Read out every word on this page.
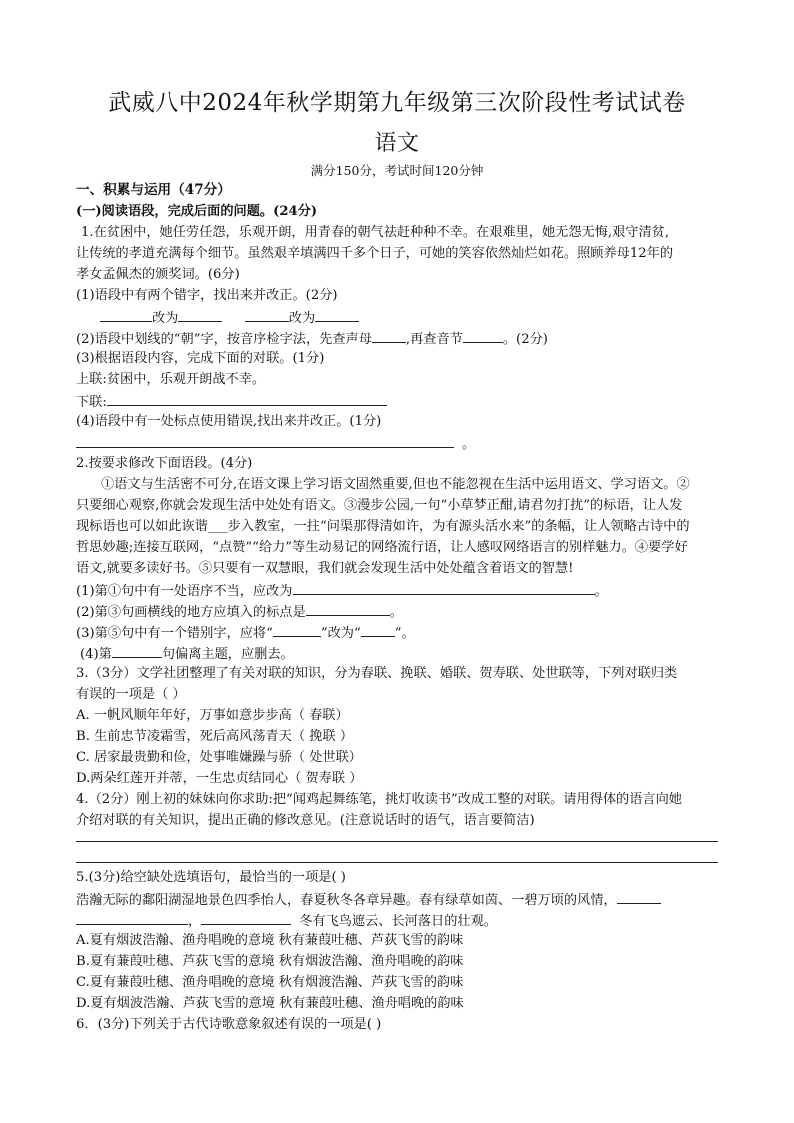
武威八中2024年秋学期第九年级第三次阶段性考试试卷
语文
满分150分，考试时间120分钟
一、积累与运用（47分）
(一)阅读语段，完成后面的问题。(24分)
1.在贫困中，她任劳任怨，乐观开朗，用青春的朝气祛赶种种不幸。在艰难里，她无怨无悔,艰守清贫,
让传统的孝道充满每个细节。虽然艰辛填满四千多个日子，可她的笑容依然灿烂如花。照顾养母12年的
孝女孟佩杰的颁奖词。(6分)
(1)语段中有两个错字，找出来并改正。(2分)
改为	改为
(2)语段中划线的“朝”字，按音序检字法，先查声母	,再查音节	。(2分)
(3)根据语段内容，完成下面的对联。(1分)
上联:贫困中，乐观开朗战不幸。
下联:
(4)语段中有一处标点使用错误,找出来并改正。(1分)
。
2.按要求修改下面语段。(4分)
①语文与生活密不可分,在语文课上学习语文固然重要,但也不能忽视在生活中运用语文、学习语文。②
只要细心观察,你就会发现生活中处处有语文。③漫步公园,一句“小草梦正酣,请君勿打扰”的标语，让人发
现标语也可以如此诙谐___步入教室，一拄“问渠那得清如许，为有源头活水来”的条幅，让人领略古诗中的
哲思妙趣;连接互联网，“点赞”“给力”等生动易记的网络流行语，让人感叹网络语言的别样魅力。④要学好
语文,就要多读好书。⑤只要有一双慧眼，我们就会发现生活中处处蕴含着语文的智慧!
(1)第①句中有一处语序不当，应改为	。
(2)第③句画横线的地方应填入的标点是	。
(3)第⑤句中有一个错别字，应将“	”改为“	”。
(4)第	句偏离主题，应删去。
3.（3分）文学社团整理了有关对联的知识，分为春联、挽联、婚联、贺寿联、处世联等，下列对联归类
有误的一项是（ ）
A. 一帆风顺年年好，万事如意步步高（ 春联）
B. 生前忠节凌霜雪，死后高风荡青天（ 挽联 ）
C. 居家最贵勤和俭，处事唯嫌躁与骄（ 处世联）
D.两朵红莲开并蒂，一生忠贞结同心（ 贺寿联 ）
4.（2分）刚上初的妹妹向你求助:把“闻鸡起舞练笔，挑灯收读书”改成工整的对联。请用得体的语言向她
介绍对联的有关知识，提出正确的修改意见。(注意说话时的语气，语言要简洁)
5.(3分)给空缺处选填语句，最恰当的一项是( )
浩瀚无际的鄱阳湖湿地景色四季怡人，春夏秋冬各章异趣。春有绿草如茵、一碧万顷的风情，
，	冬有飞鸟遮云、长河落日的壮观。
A.夏有烟波浩瀚、渔舟唱晚的意境 秋有蒹葭吐穗、芦荻飞雪的韵味
B.夏有蒹葭吐穗、芦荻飞雪的意境 秋有烟波浩瀚、渔舟唱晚的韵味
C.夏有蒹葭吐穗、渔舟唱晚的意境 秋有烟渡浩瀚、芦荻飞雪的韵味
D.夏有烟波浩瀚、芦荻飞雪的意境 秋有蒹葭吐穗、渔舟唱晚的韵味
6．(3分)下列关于古代诗歌意象叙述有误的一项是( )
